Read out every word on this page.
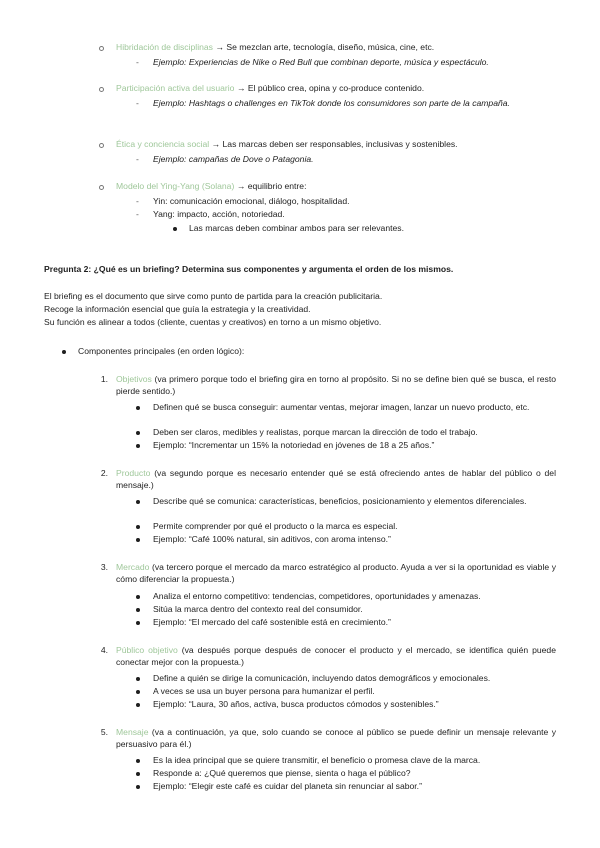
Hibridación de disciplinas → Se mezclan arte, tecnología, diseño, música, cine, etc.
- Ejemplo: Experiencias de Nike o Red Bull que combinan deporte, música y espectáculo.
Participación activa del usuario → El público crea, opina y co-produce contenido.
- Ejemplo: Hashtags o challenges en TikTok donde los consumidores son parte de la campaña.
Ética y conciencia social → Las marcas deben ser responsables, inclusivas y sostenibles.
- Ejemplo: campañas de Dove o Patagonia.
Modelo del Ying-Yang (Solana) → equilibrio entre:
- Yin: comunicación emocional, diálogo, hospitalidad.
- Yang: impacto, acción, notoriedad.
Las marcas deben combinar ambos para ser relevantes.
Pregunta 2: ¿Qué es un briefing? Determina sus componentes y argumenta el orden de los mismos.
El briefing es el documento que sirve como punto de partida para la creación publicitaria.
Recoge la información esencial que guía la estrategia y la creatividad.
Su función es alinear a todos (cliente, cuentas y creativos) en torno a un mismo objetivo.
Componentes principales (en orden lógico):
1. Objetivos (va primero porque todo el briefing gira en torno al propósito. Si no se define bien qué se busca, el resto pierde sentido.)
Definen qué se busca conseguir: aumentar ventas, mejorar imagen, lanzar un nuevo producto, etc.
Deben ser claros, medibles y realistas, porque marcan la dirección de todo el trabajo.
Ejemplo: “Incrementar un 15% la notoriedad en jóvenes de 18 a 25 años.”
2. Producto (va segundo porque es necesario entender qué se está ofreciendo antes de hablar del público o del mensaje.)
Describe qué se comunica: características, beneficios, posicionamiento y elementos diferenciales.
Permite comprender por qué el producto o la marca es especial.
Ejemplo: “Café 100% natural, sin aditivos, con aroma intenso.”
3. Mercado (va tercero porque el mercado da marco estratégico al producto. Ayuda a ver si la oportunidad es viable y cómo diferenciar la propuesta.)
Analiza el entorno competitivo: tendencias, competidores, oportunidades y amenazas.
Sitúa la marca dentro del contexto real del consumidor.
Ejemplo: “El mercado del café sostenible está en crecimiento.”
4. Público objetivo (va después porque después de conocer el producto y el mercado, se identifica quién puede conectar mejor con la propuesta.)
Define a quién se dirige la comunicación, incluyendo datos demográficos y emocionales.
A veces se usa un buyer persona para humanizar el perfil.
Ejemplo: “Laura, 30 años, activa, busca productos cómodos y sostenibles.”
5. Mensaje (va a continuación, ya que, solo cuando se conoce al público se puede definir un mensaje relevante y persuasivo para él.)
Es la idea principal que se quiere transmitir, el beneficio o promesa clave de la marca.
Responde a: ¿Qué queremos que piense, sienta o haga el público?
Ejemplo: “Elegir este café es cuidar del planeta sin renunciar al sabor.”
